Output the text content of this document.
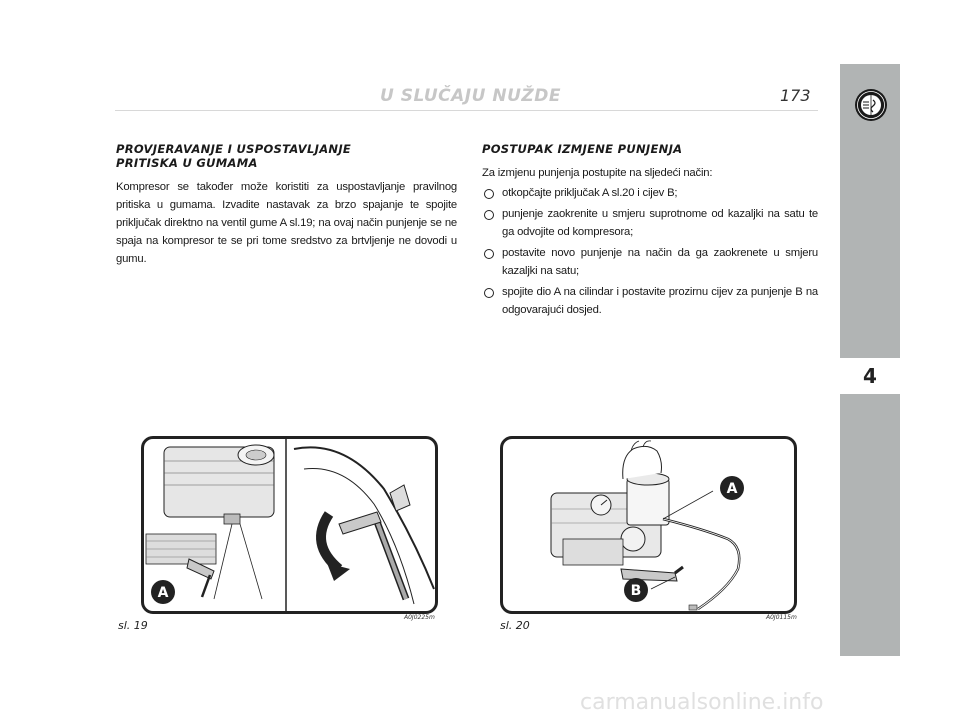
U SLUČAJU NUŽDE	173
4
PROVJERAVANJE I USPOSTAVLJANJE
PRITISKA U GUMAMA

Kompresor se također može koristiti za uspostavljanje pravilnog pritiska u gumama. Izvadite nastavak za brzo spajanje te spojite priključak direktno na ventil gume A sl.19; na ovaj način punjenje se ne spaja na kompresor te se pri tome sredstvo za brtvljenje ne dovodi u gumu.

POSTUPAK IZMJENE PUNJENJA

Za izmjenu punjenja postupite na sljedeći način:

otkopčajte priključak A sl.20 i cijev B;

punjenje zaokrenite u smjeru suprotnome od kazaljki na satu te ga odvojite od kompresora;

postavite novo punjenje na način da ga zaokrenete u smjeru kazaljki na satu;

spojite dio A na cilindar i postavite prozirnu cijev za punjenje B na odgovarajući dosjed.

A
sl. 19
A0J0225m
A
B
sl. 20
A0J0115m
carmanualsonline.info
